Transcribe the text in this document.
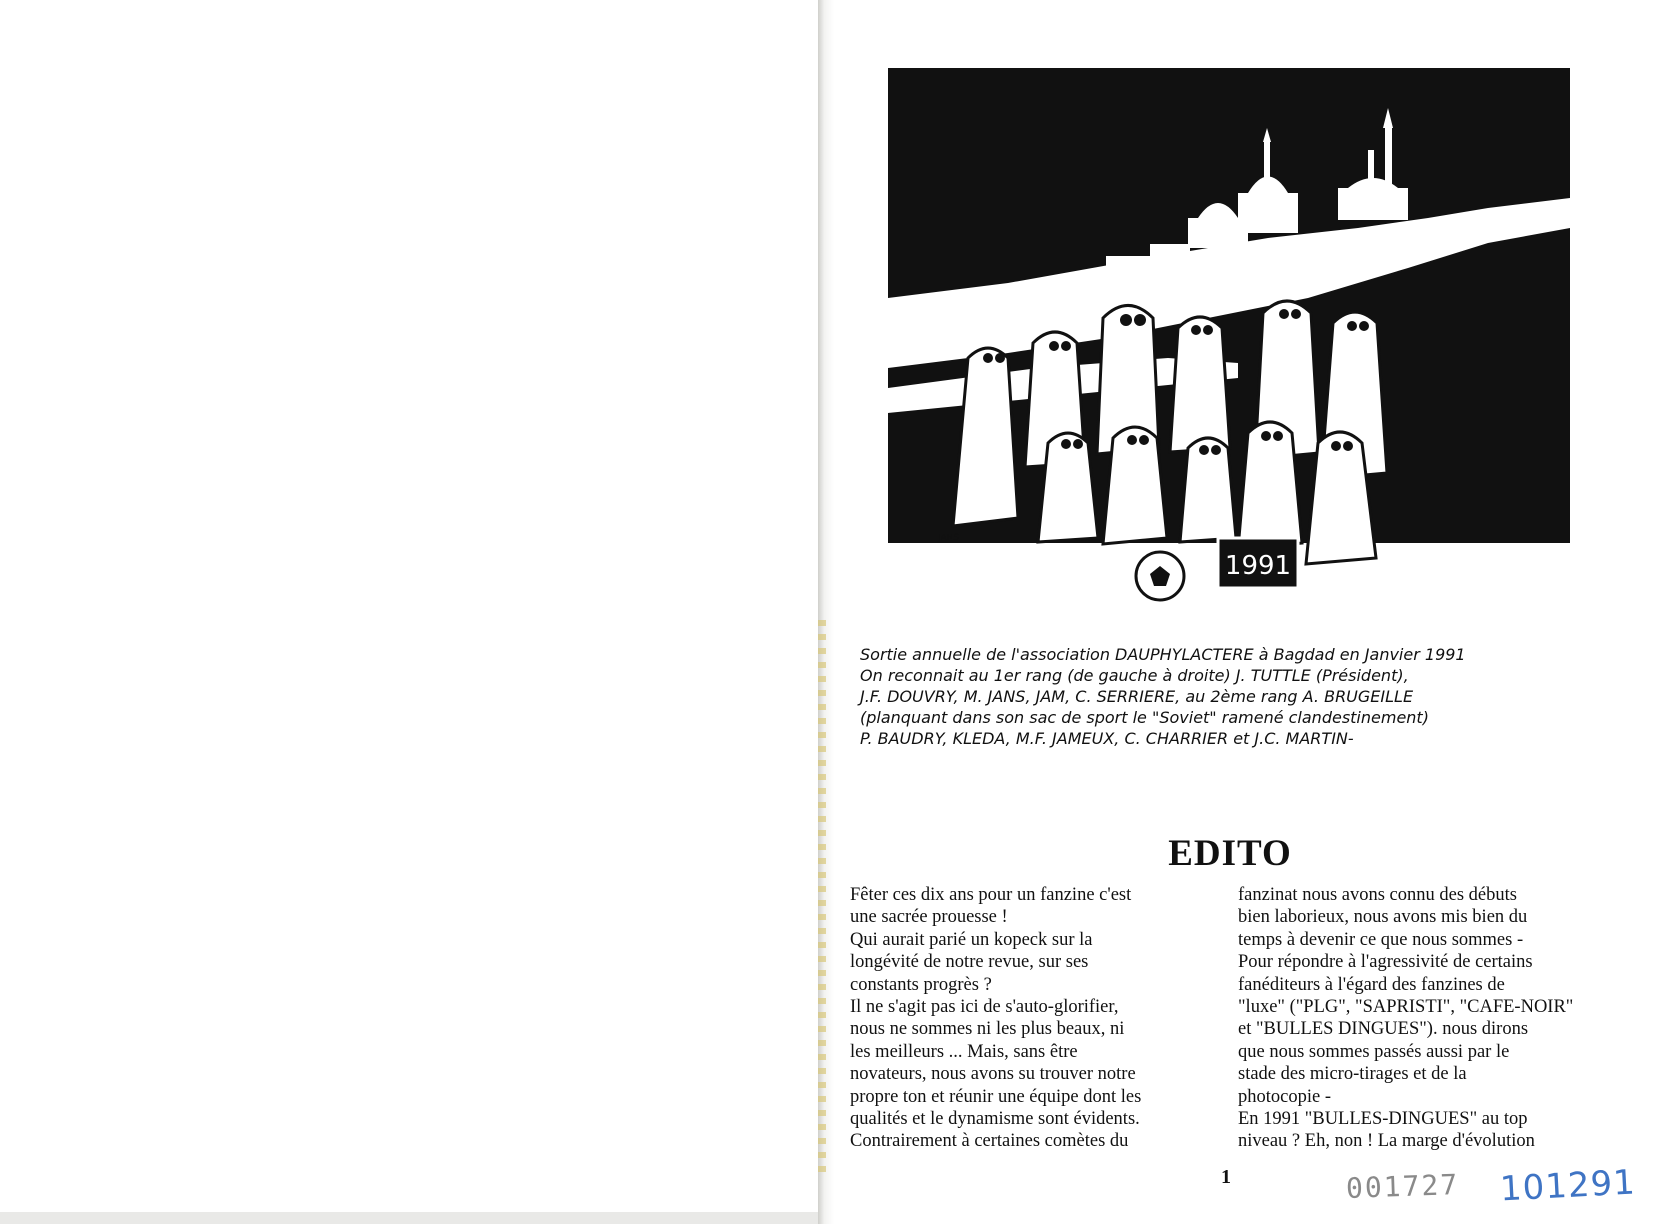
1991
JANS
Sortie annuelle de l'association DAUPHYLACTERE à Bagdad en Janvier 1991
On reconnait au 1er rang (de gauche à droite) J. TUTTLE (Président),
J.F. DOUVRY, M. JANS, JAM, C. SERRIERE, au 2ème rang A. BRUGEILLE
(planquant dans son sac de sport le "Soviet" ramené clandestinement)
P. BAUDRY, KLEDA, M.F. JAMEUX, C. CHARRIER et J.C. MARTIN-
EDITO
Fêter ces dix ans pour un fanzine c'est
une sacrée prouesse !
Qui aurait parié un kopeck sur la
longévité de notre revue, sur ses
constants progrès ?
Il ne s'agit pas ici de s'auto-glorifier,
nous ne sommes ni les plus beaux, ni
les meilleurs ... Mais, sans être
novateurs, nous avons su trouver notre
propre ton et réunir une équipe dont les
qualités et le dynamisme sont évidents.
Contrairement à certaines comètes du
fanzinat nous avons connu des débuts
bien laborieux, nous avons mis bien du
temps à devenir ce que nous sommes -
Pour répondre à l'agressivité de certains
fanéditeurs à l'égard des fanzines de
"luxe" ("PLG", "SAPRISTI", "CAFE-NOIR"
et "BULLES DINGUES"). nous dirons
que nous sommes passés aussi par le
stade des micro-tirages et de la
photocopie -
En 1991 "BULLES-DINGUES" au top
niveau ? Eh, non ! La marge d'évolution
1	001727 101291
